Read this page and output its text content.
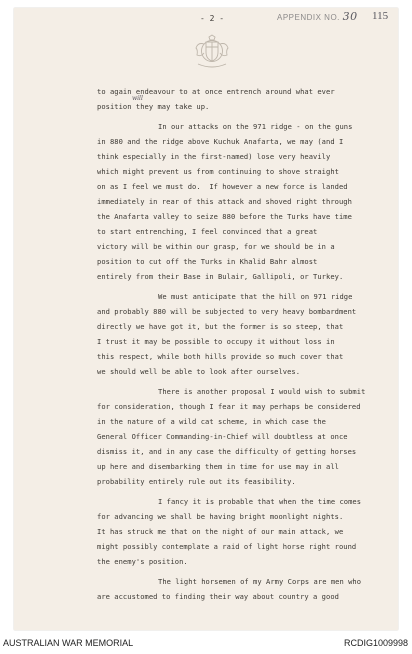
- 2 -	APPENDIX NO. 30 115
to again endeavour to at once entrench around what ever
will
position they may take up.
In our attacks on the 971 ridge - on the guns
in 880 and the ridge above Kuchuk Anafarta, we may (and I
think especially in the first-named) lose very heavily
which might prevent us from continuing to shove straight
on as I feel we must do.  If however a new force is landed
immediately in rear of this attack and shoved right through
the Anafarta valley to seize 880 before the Turks have time
to start entrenching, I feel convinced that a great
victory will be within our grasp, for we should be in a
position to cut off the Turks in Khalid Bahr almost
entirely from their Base in Bulair, Gallipoli, or Turkey.
We must anticipate that the hill on 971 ridge
and probably 880 will be subjected to very heavy bombardment
directly we have got it, but the former is so steep, that
I trust it may be possible to occupy it without loss in
this respect, while both hills provide so much cover that
we should well be able to look after ourselves.
There is another proposal I would wish to submit
for consideration, though I fear it may perhaps be considered
in the nature of a wild cat scheme, in which case the
General Officer Commanding-in-Chief will doubtless at once
dismiss it, and in any case the difficulty of getting horses
up here and disembarking them in time for use may in all
probability entirely rule out its feasibility.
I fancy it is probable that when the time comes
for advancing we shall be having bright moonlight nights.
It has struck me that on the night of our main attack, we
might possibly contemplate a raid of light horse right round
the enemy's position.
The light horsemen of my Army Corps are men who
are accustomed to finding their way about country a good
AUSTRALIAN WAR MEMORIAL	RCDIG1009998
